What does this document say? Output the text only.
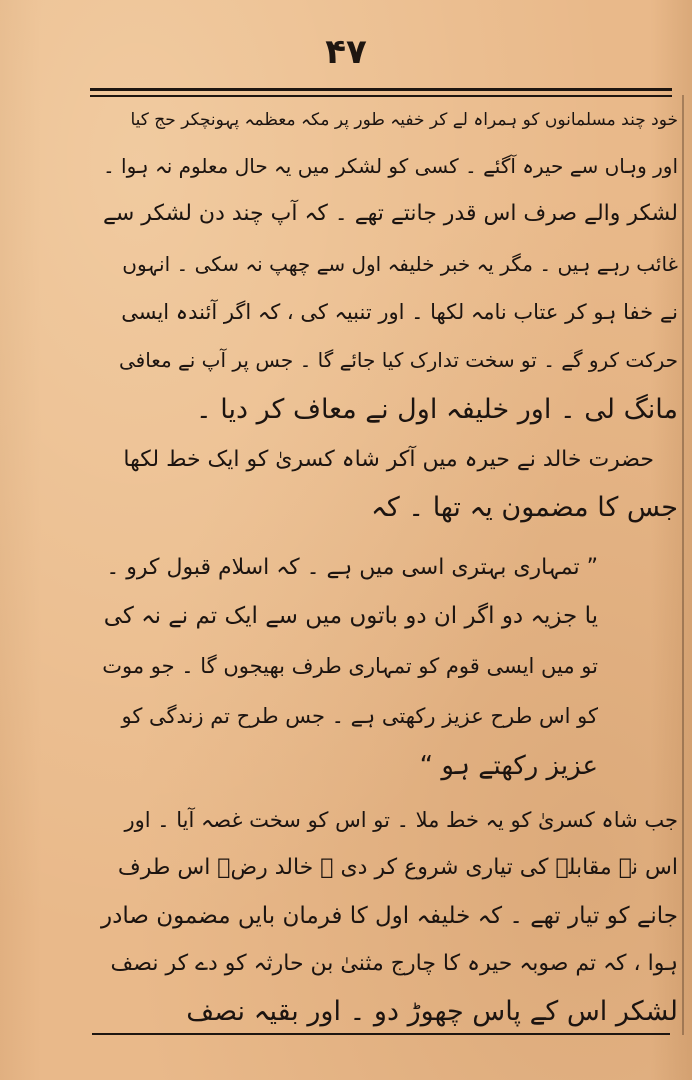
۴۷
خود چند مسلمانوں کو ہمراہ لے کر خفیہ طور پر مکہ معظمہ پہونچکر حج کیا
اور وہاں سے حیرہ آگئے ۔ کسی کو لشکر میں یہ حال معلوم نہ ہوا ۔
لشکر والے صرف اس قدر جانتے تھے ۔ کہ آپ چند دن لشکر سے
غائب رہے ہیں ۔ مگر یہ خبر خلیفہ اول سے چھپ نہ سکی ۔ انہوں
نے خفا ہو کر عتاب نامہ لکھا ۔ اور تنبیہ کی ، کہ اگر آئندہ ایسی
حرکت کرو گے ۔ تو سخت تدارک کیا جائے گا ۔ جس پر آپ نے معافی
مانگ لی ۔ اور خلیفہ اول نے معاف کر دیا ۔
حضرت خالد نے حیرہ میں آکر شاہ کسریٰ کو ایک خط لکھا
جس کا مضمون یہ تھا ۔ کہ
” تمہاری بہتری اسی میں ہے ۔ کہ اسلام قبول کرو ۔
یا جزیہ دو اگر ان دو باتوں میں سے ایک تم نے نہ کی
تو میں ایسی قوم کو تمہاری طرف بھیجوں گا ۔ جو موت
کو اس طرح عزیز رکھتی ہے ۔ جس طرح تم زندگی کو
عزیز رکھتے ہو “
جب شاہ کسریٰ کو یہ خط ملا ۔ تو اس کو سخت غصہ آیا ۔ اور
اس نے مقابلہ کی تیاری شروع کر دی ۔ خالد رضؓ اس طرف
جانے کو تیار تھے ۔ کہ خلیفہ اول کا فرمان بایں مضمون صادر
ہوا ، کہ تم صوبہ حیرہ کا چارج مثنیٰ بن حارثہ کو دے کر نصف
لشکر اس کے پاس چھوڑ دو ۔ اور بقیہ نصف
